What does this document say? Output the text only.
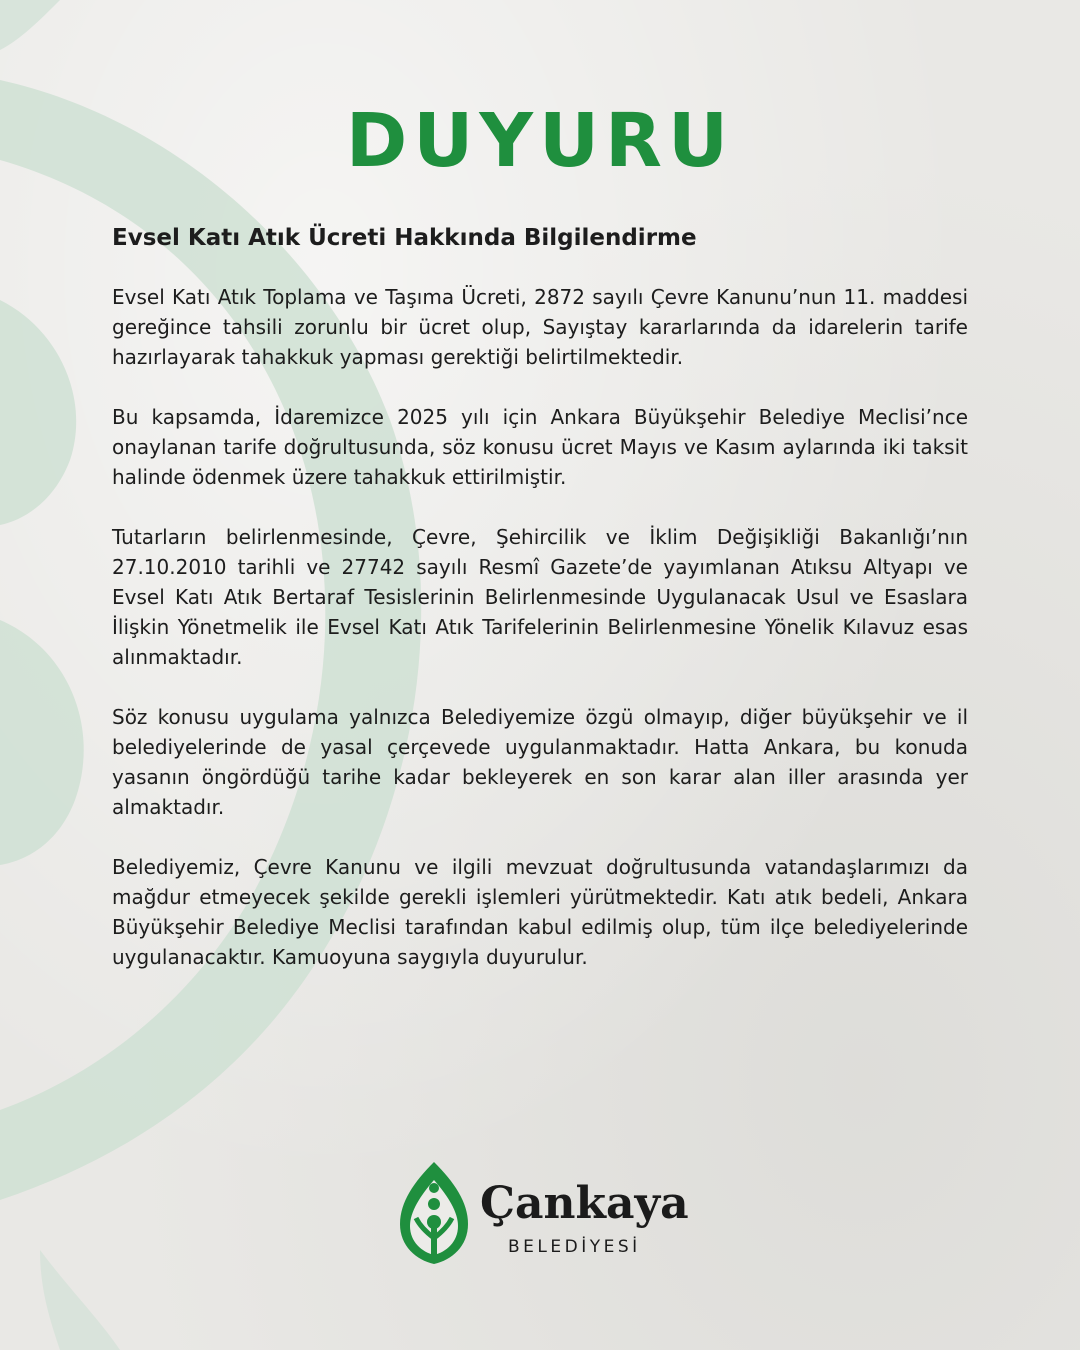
DUYURU
Evsel Katı Atık Ücreti Hakkında Bilgilendirme

Evsel Katı Atık Toplama ve Taşıma Ücreti, 2872 sayılı Çevre Kanunu’nun 11. maddesi gereğince tahsili zorunlu bir ücret olup, Sayıştay kararlarında da idarelerin tarife hazırlayarak tahakkuk yapması gerektiği belirtilmektedir.

Bu kapsamda, İdaremizce 2025 yılı için Ankara Büyükşehir Belediye Meclisi’nce onaylanan tarife doğrultusunda, söz konusu ücret Mayıs ve Kasım aylarında iki taksit halinde ödenmek üzere tahakkuk ettirilmiştir.

Tutarların belirlenmesinde, Çevre, Şehircilik ve İklim Değişikliği Bakanlığı’nın 27.10.2010 tarihli ve 27742 sayılı Resmî Gazete’de yayımlanan Atıksu Altyapı ve Evsel Katı Atık Bertaraf Tesislerinin Belirlenmesinde Uygulanacak Usul ve Esaslara İlişkin Yönetmelik ile Evsel Katı Atık Tarifelerinin Belirlenmesine Yönelik Kılavuz esas alınmaktadır.

Söz konusu uygulama yalnızca Belediyemize özgü olmayıp, diğer büyükşehir ve il belediyelerinde de yasal çerçevede uygulanmaktadır. Hatta Ankara, bu konuda yasanın öngördüğü tarihe kadar bekleyerek en son karar alan iller arasında yer almaktadır.

Belediyemiz, Çevre Kanunu ve ilgili mevzuat doğrultusunda vatandaşlarımızı da mağdur etmeyecek şekilde gerekli işlemleri yürütmektedir. Katı atık bedeli, Ankara Büyükşehir Belediye Meclisi tarafından kabul edilmiş olup, tüm ilçe belediyelerinde uygulanacaktır. Kamuoyuna saygıyla duyurulur.

Çankaya
BELEDİYESİ
